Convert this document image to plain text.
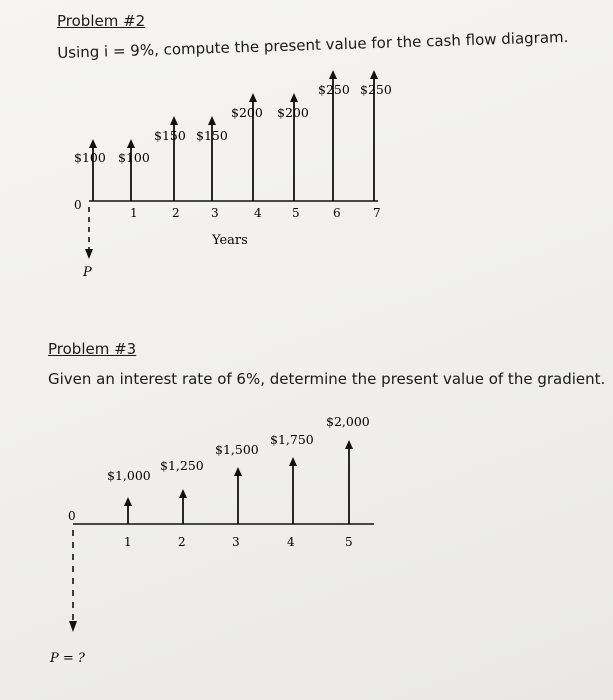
Problem #2
Using i = 9%, compute the present value for the cash flow diagram.
$100 $100
$150 $150
$200 $200
$250 $250
0
1	2	3	4	5	6	7
Years
P
$1,000
$1,250
$1,500
$1,750
$2,000
0
1	2	3	4	5
P = ?
Problem #3
Given an interest rate of 6%, determine the present value of the gradient.
